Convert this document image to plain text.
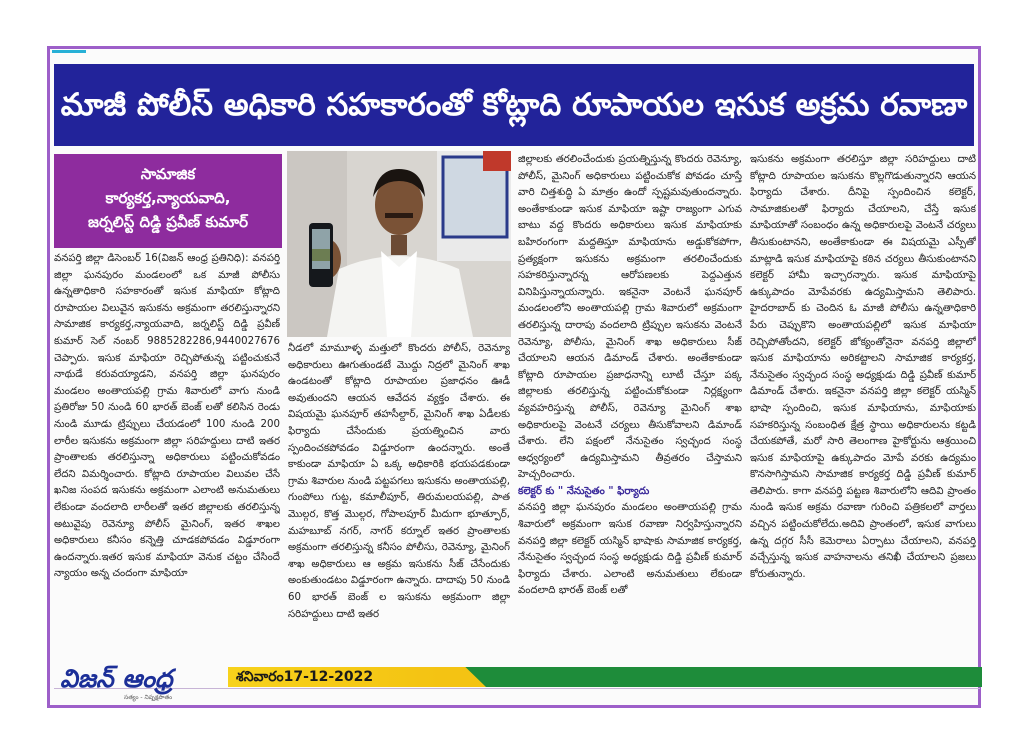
మాజీ పోలీస్ అధికారి సహకారంతో కోట్లాది రూపాయల ఇసుక అక్రమ రవాణా
సామాజిక
కార్యకర్త,న్యాయవాది,
జర్నలిస్ట్ దిడ్డి ప్రవీణ్ కుమార్

వనపర్తి జిల్లా డిసెంబర్ 16(విజన్ ఆంధ్ర ప్రతినిధి): వనపర్తి జిల్లా ఘనపురం మండలంలో ఒక మాజీ పోలీసు ఉన్నతాధికారి సహకారంతో ఇసుక మాఫియా కోట్లాది రూపాయల విలువైన ఇసుకను అక్రమంగా తరలిస్తున్నారని సామాజిక కార్యకర్త,న్యాయవాది, జర్నలిస్ట్ దిడ్డి ప్రవీణ్ కుమార్ సెల్ నంబర్ 9885282286,9440027676 చెప్పారు. ఇసుక మాఫియా రెచ్చిపోతున్న పట్టించుకునే నాథుడే కరువయ్యాడని, వనపర్తి జిల్లా ఘనపురం మండలం అంతాయపల్లి గ్రామ శివారులో వాగు నుండి ప్రతిరోజు 50 నుండి 60 భారత్ బెంజ్ లతో కలిసిన రెండు నుండి మూడు ట్రిప్పులు చేయడంలో 100 నుండి 200 లారీల ఇసుకను అక్రమంగా జిల్లా సరిహద్దులు దాటి ఇతర ప్రాంతాలకు తరలిస్తున్నా అధికారులు పట్టించుకోవడం లేదని విమర్శించారు. కోట్లాది రూపాయల విలువల చేసే ఖనిజ సంపద ఇసుకను అక్రమంగా ఎలాంటి అనుమతులు లేకుండా వందలాది లారీలతో ఇతర జిల్లాలకు తరలిస్తున్న అటువైపు రెవెన్యూ పోలీస్ మైనింగ్, ఇతర శాఖల అధికారులు కనీసం కన్నెత్తి చూడకపోవడం విడ్డూరంగా ఉందన్నారు.ఇతర ఇసుక మాఫియా వెనుక చట్టం చేసిందే న్యాయం అన్న చందంగా మాఫియా

నీడలో మామూళ్ళ మత్తులో కొందరు పోలీస్, రెవెన్యూ అధికారులు ఊగుతుండటే మొద్దు నిద్రలో మైనింగ్ శాఖ ఉండటంతో కోట్లాది రూపాయల ప్రజాధనం ఊడీ అవుతుందని ఆయన ఆవేదన వ్యక్తం చేశారు. ఈ విషయమై ఘనపూర్ తహసీల్దార్, మైనింగ్ శాఖ ఏడీలకు ఫిర్యాదు చేసేందుకు ప్రయత్నించిన వారు స్పందించకపోవడం విడ్డూరంగా ఉందన్నారు. అంతే కాకుండా మాఫియా ఏ ఒక్క అధికారికి భయపడకుండా గ్రామ శివారుల నుండి పట్టపగలు ఇసుకను అంతాయపల్లి, గుంపోలు గుట్ట, కమాలీపూర్, తిరుమలయపల్లి, పాత మొల్గర, కొత్త మొల్గర, గోపాలపూర్ మీదుగా భూత్పూర్, మహబూబ్ నగర్, నాగర్ కర్నూల్ ఇతర ప్రాంతాలకు అక్రమంగా తరలిస్తున్న కనీసం పోలీసు, రెవెన్యూ, మైనింగ్ శాఖ అధికారులు ఆ అక్రమ ఇసుకను సీజ్ చేసేందుకు అంకుతుండటం విడ్డూరంగా ఉన్నారు. దాదాపు 50 నుండి 60 భారత్ బెంజ్ ల ఇసుకను అక్రమంగా జిల్లా సరిహద్దులు దాటి ఇతర

జిల్లాలకు తరలించేందుకు ప్రయత్నిస్తున్న కొందరు రెవెన్యూ, పోలీస్, మైనింగ్ అధికారులు పట్టించుకోక పోవడం చూస్తే వారి చిత్తశుద్ధి ఏ మాత్రం ఉందో స్పష్టమవుతుందన్నారు. అంతేకాకుండా ఇసుక మాఫియా ఇష్టా రాజ్యంగా ఎగువ బాటు వద్ద కొందరు అధికారులు ఇసుక మాఫియాకు బహిరంగంగా మద్దతిస్తూ మాఫియాను అడ్డుకోకపోగా, ప్రత్యక్షంగా ఇసుకను అక్రమంగా తరలించేందుకు సహకరిస్తున్నారన్న ఆరోపణలకు పెద్దఎత్తున వినిపిస్తున్నాయన్నారు. ఇకనైనా వెంటనే ఘనపూర్ మండలంలోని అంతాయపల్లి గ్రామ శివారులో అక్రమంగా తరలిస్తున్న దారాపు వందలాది ట్రిప్పుల ఇసుకను వెంటనే రెవెన్యూ, పోలీసు, మైనింగ్ శాఖ అధికారులు సీజ్ చేయాలని ఆయన డిమాండ్ చేశారు. అంతేకాకుండా కోట్లాది రూపాయల ప్రజాధనాన్ని లూటీ చేస్తూ పక్క జిల్లాలకు తరలిస్తున్న పట్టించుకోకుండా నిర్లక్ష్యంగా వ్యవహరిస్తున్న పోలీస్, రెవెన్యూ మైనింగ్ శాఖ అధికారులపై వెంటనే చర్యలు తీసుకోవాలని డిమాండ్ చేశారు. లేని పక్షంలో నేనుసైతం స్వచ్ఛంద సంస్థ ఆధ్వర్యంలో ఉద్యమిస్తామని తీవ్రతరం చేస్తామని హెచ్చరించారు.

కలెక్టర్ కు " నేనుసైతం " ఫిర్యాదు

వనపర్తి జిల్లా ఘనపురం మండలం అంతాయపల్లి గ్రామ శివారులో అక్రమంగా ఇసుక రవాణా నిర్వహిస్తున్నారని వనపర్తి జిల్లా కలెక్టర్ యస్మిన్ భాషాకు సామాజిక కార్యకర్త, నేనుసైతం స్వచ్ఛంద సంస్థ అధ్యక్షుడు దిడ్డి ప్రవీణ్ కుమార్ ఫిర్యాదు చేశారు. ఎలాంటి అనుమతులు లేకుండా వందలాది భారత్ బెంజ్ లతో

ఇసుకను అక్రమంగా తరలిస్తూ జిల్లా సరిహద్దులు దాటి కోట్లాది రూపాయల ఇసుకను కొల్లగొడుతున్నారని ఆయన ఫిర్యాదు చేశారు. దీనిపై స్పందించిన కలెక్టర్, సామాజికులతో ఫిర్యాదు చేయాలని, చేస్తే ఇసుక మాఫియాతో సంబంధం ఉన్న అధికారులపై వెంటనే చర్యలు తీసుకుంటానని, అంతేకాకుండా ఈ విషయమై ఎస్పీతో మాట్లాడి ఇసుక మాఫియాపై కఠిన చర్యలు తీసుకుంటానని కలెక్టర్ హామీ ఇచ్చారన్నారు. ఇసుక మాఫియాపై ఉక్కుపాదం మోపేవరకు ఉద్యమిస్తామని తెలిపారు. హైదరాబాద్ కు చెందిన ఓ మాజీ పోలీసు ఉన్నతాధికారి పేరు చెప్పుకొని అంతాయపల్లిలో ఇసుక మాఫియా రెచ్చిపోతోందని, కలెక్టర్ జోక్యంతోనైనా వనపర్తి జిల్లాలో ఇసుక మాఫియాను అరికట్టాలని సామాజిక కార్యకర్త, నేనుసైతం స్వచ్ఛంద సంస్థ అధ్యక్షుడు దిడ్డి ప్రవీణ్ కుమార్ డిమాండ్ చేశారు. ఇకనైనా వనపర్తి జిల్లా కలెక్టర్ యస్మిన్ భాషా స్పందించి, ఇసుక మాఫియాను, మాఫియాకు సహకరిస్తున్న సంబంధిత క్షేత్ర స్థాయి అధికారులను కట్టడి చేయకపోతే, మరో సారి తెలంగాణ హైకోర్టును ఆశ్రయించి ఇసుక మాఫియాపై ఉక్కుపాదం మోపే వరకు ఉద్యమం కొనసాగిస్తామని సామాజిక కార్యకర్త దిడ్డి ప్రవీణ్ కుమార్ తెలిపారు. కాగా వనపర్తి పట్టణ శివారులోని ఆదివి ప్రాంతం నుండి ఇసుక అక్రమ రవాణా గురించి పత్రికలలో వార్తలు వచ్చిన పట్టించుకోలేదు.అదివి ప్రాంతంలో, ఇసుక వాగులు ఉన్న దగ్గర సీసీ కెమెరాలు ఏర్పాటు చేయాలని, వనపర్తి వచ్చేస్తున్న ఇసుక వాహనాలను తనిఖీ చేయాలని ప్రజలు కోరుతున్నారు.

విజన్ ఆంధ్ర
సత్యం - నిష్పక్షపాతం
శనివారం17-12-2022
